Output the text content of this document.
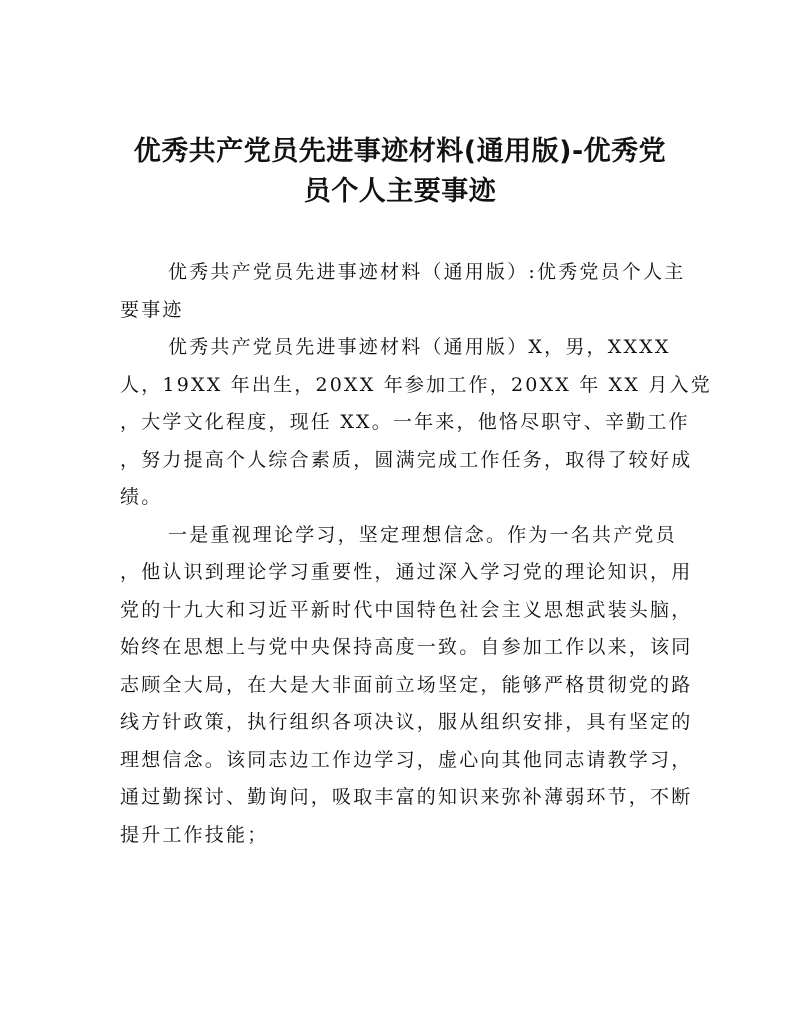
优秀共产党员先进事迹材料(通用版)-优秀党
员个人主要事迹
优秀共产党员先进事迹材料（通用版）:优秀党员个人主
要事迹
优秀共产党员先进事迹材料（通用版）X，男，XXXX
人，19XX 年出生，20XX 年参加工作，20XX 年 XX 月入党
，大学文化程度，现任 XX。一年来，他恪尽职守、辛勤工作
，努力提高个人综合素质，圆满完成工作任务，取得了较好成
绩。
一是重视理论学习，坚定理想信念。作为一名共产党员
，他认识到理论学习重要性，通过深入学习党的理论知识，用
党的十九大和习近平新时代中国特色社会主义思想武装头脑，
始终在思想上与党中央保持高度一致。自参加工作以来，该同
志顾全大局，在大是大非面前立场坚定，能够严格贯彻党的路
线方针政策，执行组织各项决议，服从组织安排，具有坚定的
理想信念。该同志边工作边学习，虚心向其他同志请教学习，
通过勤探讨、勤询问，吸取丰富的知识来弥补薄弱环节，不断
提升工作技能；
